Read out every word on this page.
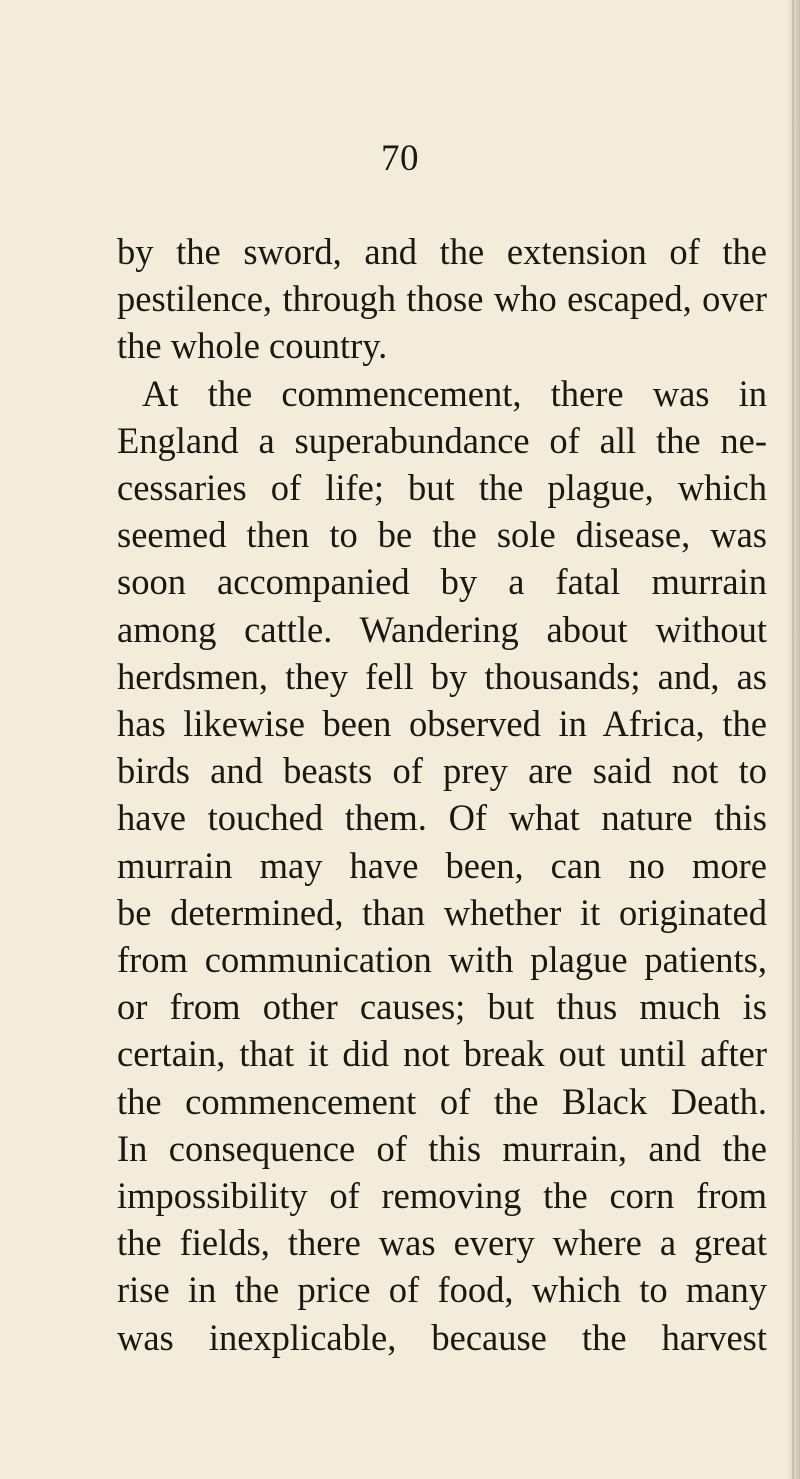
70
by the sword, and the extension of the
pestilence, through those who escaped, over
the whole country.
At the commencement, there was in
England a superabundance of all the ne-
cessaries of life; but the plague, which
seemed then to be the sole disease, was
soon accompanied by a fatal murrain
among cattle. Wandering about without
herdsmen, they fell by thousands; and, as
has likewise been observed in Africa, the
birds and beasts of prey are said not to
have touched them. Of what nature this
murrain may have been, can no more
be determined, than whether it originated
from communication with plague patients,
or from other causes; but thus much is
certain, that it did not break out until after
the commencement of the Black Death.
In consequence of this murrain, and the
impossibility of removing the corn from
the fields, there was every where a great
rise in the price of food, which to many
was inexplicable, because the harvest
